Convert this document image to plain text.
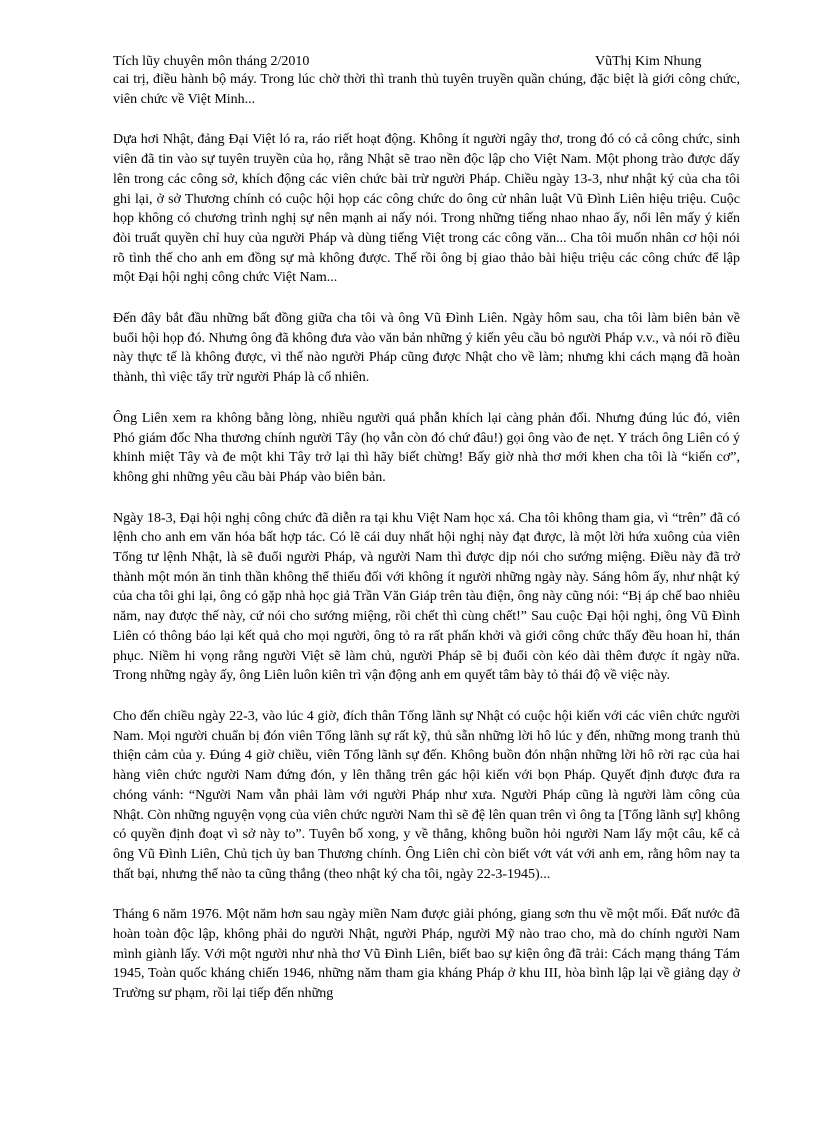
Tích lũy chuyên môn tháng 2/2010	VũThị Kim Nhung

cai trị, điều hành bộ máy. Trong lúc chờ thời thì tranh thủ tuyên truyền quần chúng, đặc biệt là giới công chức, viên chức về Việt Minh...

Dựa hơi Nhật, đảng Đại Việt ló ra, ráo riết hoạt động. Không ít người ngây thơ, trong đó có cả công chức, sinh viên đã tin vào sự tuyên truyền của họ, rằng Nhật sẽ trao nền độc lập cho Việt Nam. Một phong trào được dấy lên trong các công sở, khích động các viên chức bài trừ người Pháp. Chiều ngày 13-3, như nhật ký của cha tôi ghi lại, ở sở Thương chính có cuộc hội họp các công chức do ông cử nhân luật Vũ Đình Liên hiệu triệu. Cuộc họp không có chương trình nghị sự nên mạnh ai nấy nói. Trong những tiếng nhao nhao ấy, nổi lên mấy ý kiến đòi truất quyền chỉ huy của người Pháp và dùng tiếng Việt trong các công văn... Cha tôi muốn nhân cơ hội nói rõ tình thế cho anh em đồng sự mà không được. Thế rồi ông bị giao thảo bài hiệu triệu các công chức để lập một Đại hội nghị công chức Việt Nam...

Đến đây bắt đầu những bất đồng giữa cha tôi và ông Vũ Đình Liên. Ngày hôm sau, cha tôi làm biên bản về buổi hội họp đó. Nhưng ông đã không đưa vào văn bản những ý kiến yêu cầu bỏ người Pháp v.v., và nói rõ điều này thực tế là không được, vì thế nào người Pháp cũng được Nhật cho về làm; nhưng khi cách mạng đã hoàn thành, thì việc tẩy trừ người Pháp là cố nhiên.

Ông Liên xem ra không bằng lòng, nhiều người quá phẫn khích lại càng phản đối. Nhưng đúng lúc đó, viên Phó giám đốc Nha thương chính người Tây (họ vẫn còn đó chứ đâu!) gọi ông vào đe nẹt. Y trách ông Liên có ý khinh miệt Tây và đe một khi Tây trở lại thì hãy biết chừng! Bấy giờ nhà thơ mới khen cha tôi là “kiến cơ”, không ghi những yêu cầu bài Pháp vào biên bản.

Ngày 18-3, Đại hội nghị công chức đã diễn ra tại khu Việt Nam học xá. Cha tôi không tham gia, vì “trên” đã có lệnh cho anh em văn hóa bất hợp tác. Có lẽ cái duy nhất hội nghị này đạt được, là một lời hứa xuông của viên Tổng tư lệnh Nhật, là sẽ đuổi người Pháp, và người Nam thì được dịp nói cho sướng miệng. Điều này đã trở thành một món ăn tinh thần không thể thiếu đối với không ít người những ngày này. Sáng hôm ấy, như nhật ký của cha tôi ghi lại, ông có gặp nhà học giả Trần Văn Giáp trên tàu điện, ông này cũng nói: “Bị áp chế bao nhiêu năm, nay được thế này, cứ nói cho sướng miệng, rồi chết thì cùng chết!” Sau cuộc Đại hội nghị, ông Vũ Đình Liên có thông báo lại kết quả cho mọi người, ông tỏ ra rất phấn khởi và giới công chức thấy đều hoan hỉ, thán phục. Niềm hi vọng rằng người Việt sẽ làm chủ, người Pháp sẽ bị đuổi còn kéo dài thêm được ít ngày nữa. Trong những ngày ấy, ông Liên luôn kiên trì vận động anh em quyết tâm bày tỏ thái độ về việc này.

Cho đến chiều ngày 22-3, vào lúc 4 giờ, đích thân Tổng lãnh sự Nhật có cuộc hội kiến với các viên chức người Nam. Mọi người chuẩn bị đón viên Tổng lãnh sự rất kỹ, thủ sẵn những lời hô lúc y đến, những mong tranh thủ thiện cảm của y. Đúng 4 giờ chiều, viên Tổng lãnh sự đến. Không buồn đón nhận những lời hô rời rạc của hai hàng viên chức người Nam đứng đón, y lên thẳng trên gác hội kiến với bọn Pháp. Quyết định được đưa ra chóng vánh: “Người Nam vẫn phải làm với người Pháp như xưa. Người Pháp cũng là người làm công của Nhật. Còn những nguyện vọng của viên chức người Nam thì sẽ đệ lên quan trên vì ông ta [Tổng lãnh sự] không có quyền định đoạt vì sở này to”. Tuyên bố xong, y về thẳng, không buồn hỏi người Nam lấy một câu, kể cả ông Vũ Đình Liên, Chủ tịch ủy ban Thương chính. Ông Liên chỉ còn biết vớt vát với anh em, rằng hôm nay ta thất bại, nhưng thế nào ta cũng thắng (theo nhật ký cha tôi, ngày 22-3-1945)...

Tháng 6 năm 1976. Một năm hơn sau ngày miền Nam được giải phóng, giang sơn thu về một mối. Đất nước đã hoàn toàn độc lập, không phải do người Nhật, người Pháp, người Mỹ nào trao cho, mà do chính người Nam mình giành lấy. Với một người như nhà thơ Vũ Đình Liên, biết bao sự kiện ông đã trải: Cách mạng tháng Tám 1945, Toàn quốc kháng chiến 1946, những năm tham gia kháng Pháp ở khu III, hòa bình lập lại về giảng dạy ở Trường sư phạm, rồi lại tiếp đến những
